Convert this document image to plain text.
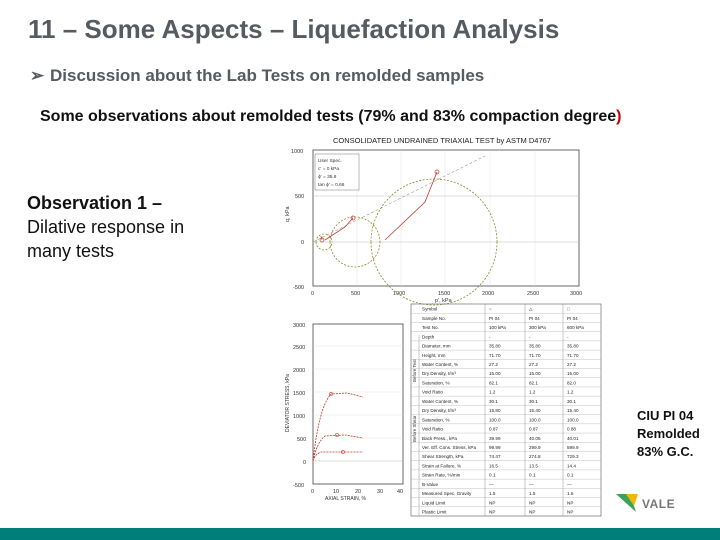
11 – Some Aspects – Liquefaction Analysis
➢ Discussion about the Lab Tests on remolded samples
Some observations about remolded tests (79% and 83% compaction degree)
Observation 1 –
Dilative response in many tests
CONSOLIDATED UNDRAINED TRIAXIAL TEST by ASTM D4767
1000
500
0
-500
0	500	1000	1500	2000	2500	3000
p', kPa
q, kPa
User Spec.
c' = 0 kPa
ϕ' = 35.8
tan ϕ' = 0.66
3000
2500
2000
1500
1000
500
0
-500
0	10	20	30	40
AXIAL STRAIN, %
DEVIATOR STRESS, kPa
Before Test
Before Shear
Symbol	○	△	□
Sample No.	PI 04	PI 04	PI 04
Test No.	100 kPa	300 kPa	600 kPa
Depth	-	-	-
Diameter, mm	35.80	35.80	35.80
Height, mm	71.70	71.70	71.70
Water Content, %	27.2	27.2	27.2
Dry Density, t/m³	15.00	15.00	15.00
Saturation, %	82.1	82.1	82.0
Void Ratio	1.2	1.2	1.2
Water Content, %	30.1	30.1	30.1
Dry Density, t/m³	15.80	15.40	15.40
Saturation, %	100.0	100.0	100.0
Void Ratio	0.87	0.87	0.88
Back Press., kPa	39.99	40.05	40.01
Ver. Eff. Cons. Stress, kPa	99.99	299.9	599.9
Shear Strength, kPa	74.47	274.8	729.3
Strain at Failure, %	16.5	13.5	14.4
Strain Rate, %/min	0.1	0.1	0.1
B-Value	—	—	—
Measured Spec. Gravity	1.5	1.5	1.5
Liquid Limit	NP	NP	NP
Plastic Limit	NP	NP	NP
CIU PI 04
Remolded
83% G.C.
VALE
